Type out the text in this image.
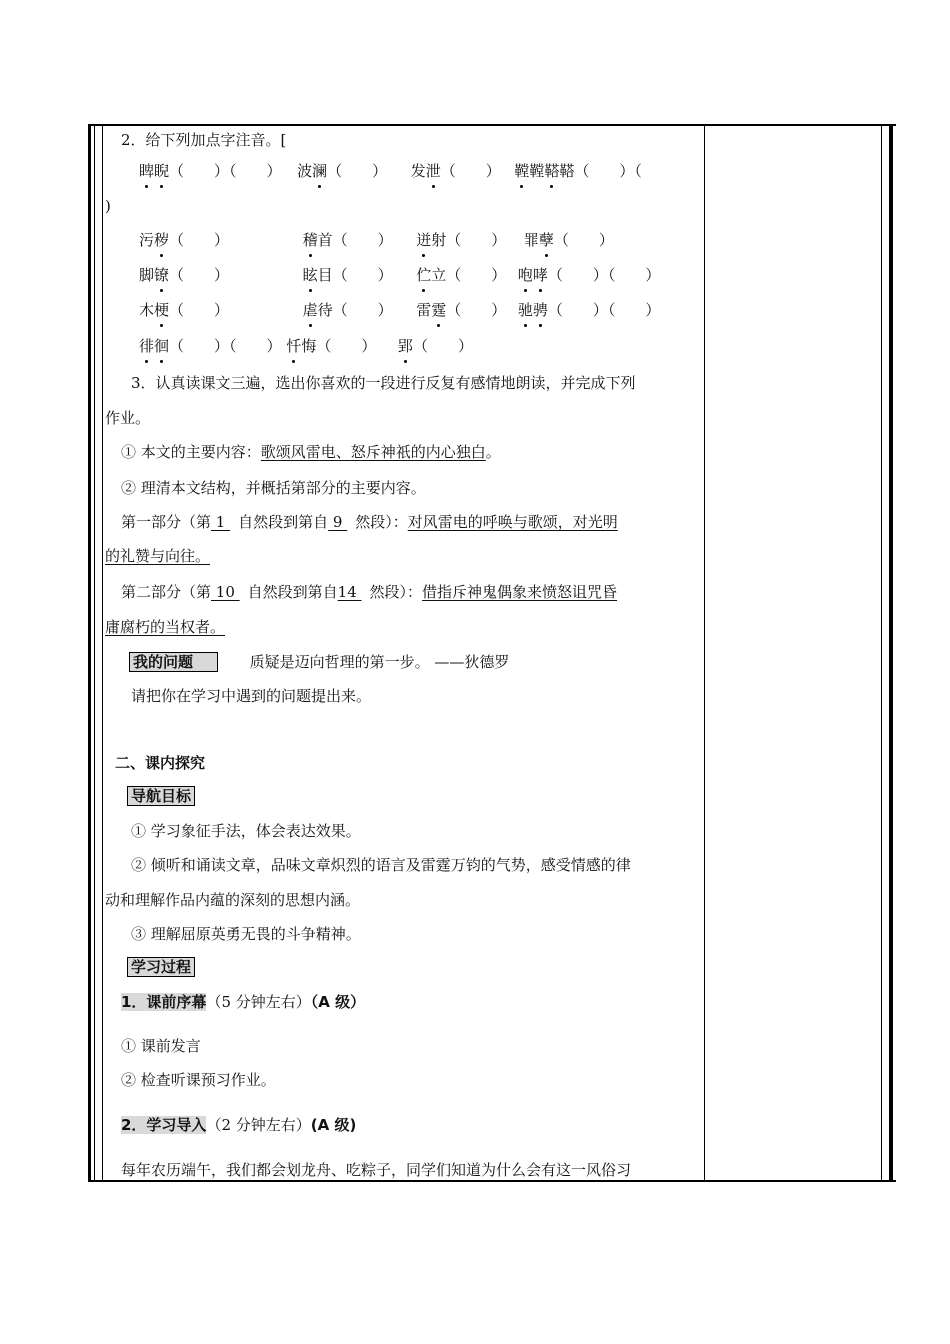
2．给下列加点字注音。[
睥睨（　　）（　　） 波澜（　　） 发泄（　　） 鞺鞺鞳鞳（　　）（
)
污秽（　　）	稽首（　　） 迸射（　　） 罪孽（　　）
脚镣（　　）	眩目（　　） 伫立（　　） 咆哮（　　）（　　）
木梗（　　）	虐待（　　） 雷霆（　　） 驰骋（　　）（　　）
徘徊（　　）（　　） 忏悔（　　） 郢（　　）
3．认真读课文三遍，选出你喜欢的一段进行反复有感情地朗读，并完成下列
作业。
① 本文的主要内容：歌颂风雷电、怒斥神祇的内心独白。
② 理清本文结构，并概括第部分的主要内容。
第一部分（第 1 自然段到第自 9 然段）：对风雷电的呼唤与歌颂，对光明
的礼赞与向往。
第二部分（第 10 自然段到第自14 然段）：借指斥神鬼偶象来愤怒诅咒昏
庸腐朽的当权者。
我的问题	质疑是迈向哲理的第一步。 ——狄德罗
请把你在学习中遇到的问题提出来。
二、课内探究
导航目标
① 学习象征手法，体会表达效果。
② 倾听和诵读文章，品味文章炽烈的语言及雷霆万钧的气势，感受情感的律
动和理解作品内蕴的深刻的思想内涵。
③ 理解屈原英勇无畏的斗争精神。
学习过程
1．课前序幕（5 分钟左右）（A 级）
① 课前发言
② 检查听课预习作业。
2．学习导入（2 分钟左右）(A 级)
每年农历端午，我们都会划龙舟、吃粽子，同学们知道为什么会有这一风俗习
